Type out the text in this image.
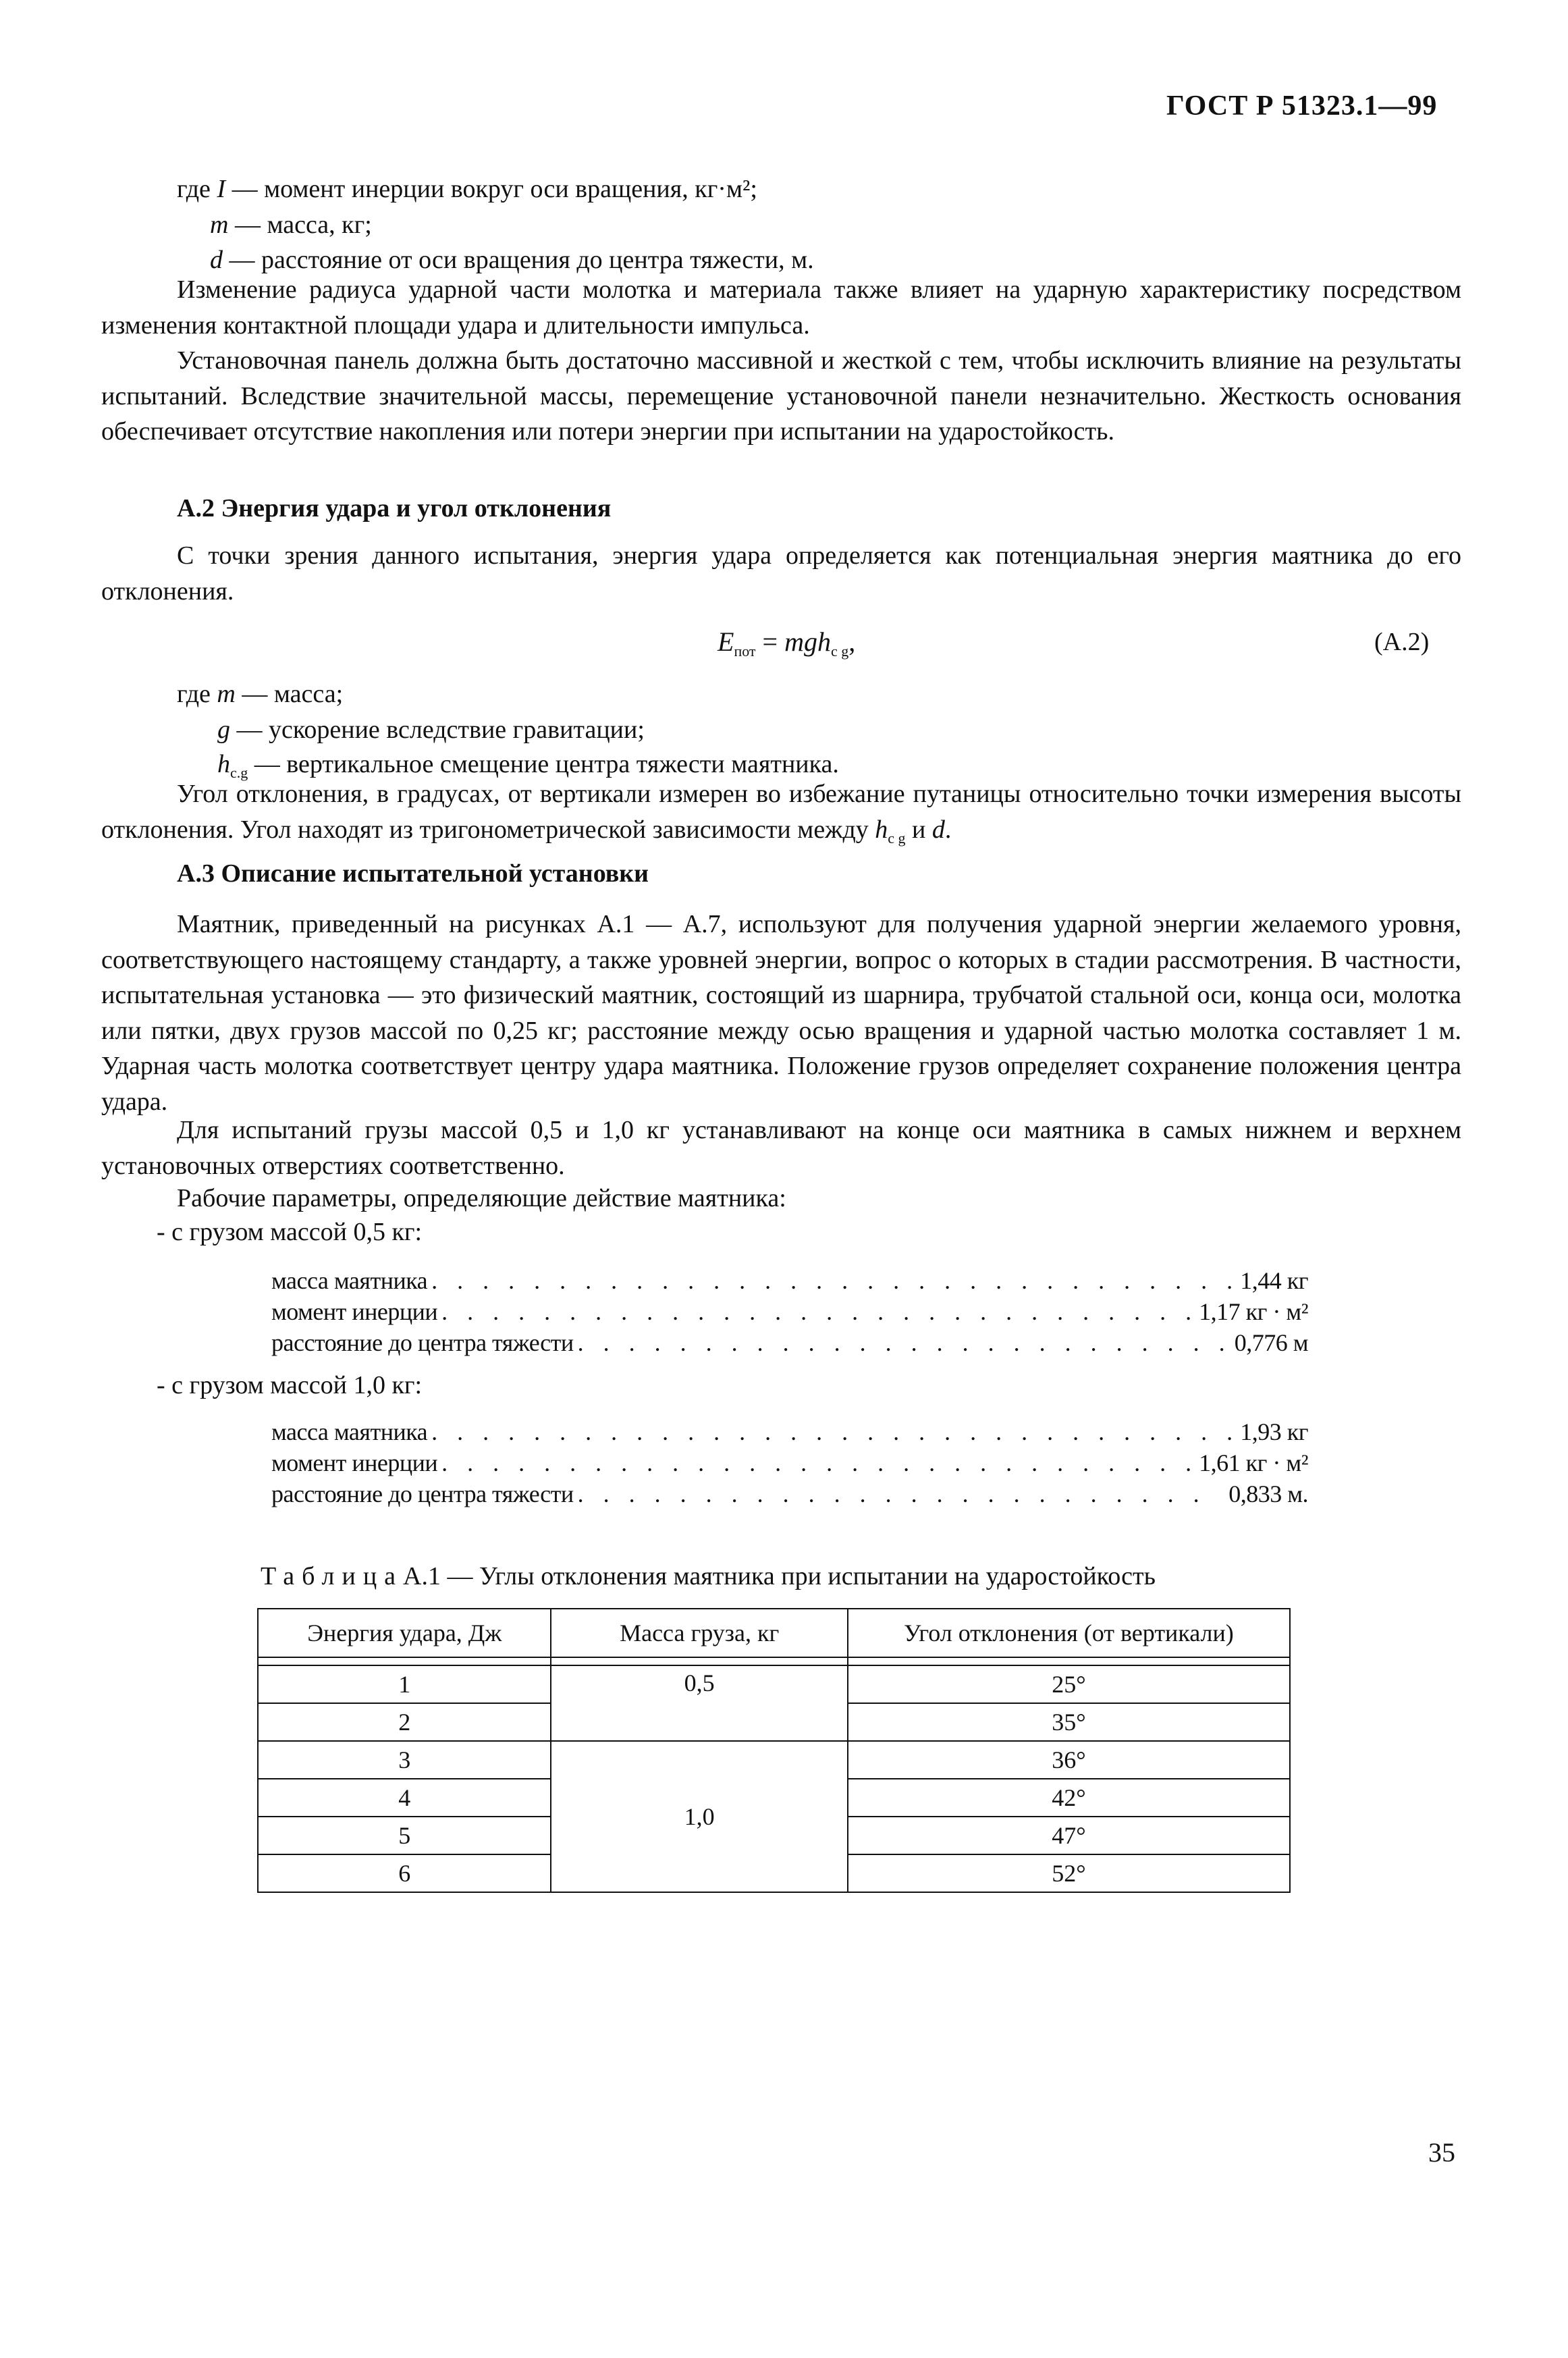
ГОСТ Р 51323.1—99
где I — момент инерции вокруг оси вращения, кг·м²;
m — масса, кг;
d — расстояние от оси вращения до центра тяжести, м.
Изменение радиуса ударной части молотка и материала также влияет на ударную характеристику посредством изменения контактной площади удара и длительности импульса.
Установочная панель должна быть достаточно массивной и жесткой с тем, чтобы исключить влияние на результаты испытаний. Вследствие значительной массы, перемещение установочной панели незначительно. Жесткость основания обеспечивает отсутствие накопления или потери энергии при испытании на ударостойкость.
А.2 Энергия удара и угол отклонения
С точки зрения данного испытания, энергия удара определяется как потенциальная энергия маятника до его отклонения.
$E_{пот} = mgh_{c g}$,	(А.2)
где m — масса;
g — ускорение вследствие гравитации;
$h_{c.g}$ — вертикальное смещение центра тяжести маятника.
Угол отклонения, в градусах, от вертикали измерен во избежание путаницы относительно точки измерения высоты отклонения. Угол находят из тригонометрической зависимости между $h_{c g}$ и d.
А.3 Описание испытательной установки
Маятник, приведенный на рисунках А.1 — А.7, используют для получения ударной энергии желаемого уровня, соответствующего настоящему стандарту, а также уровней энергии, вопрос о которых в стадии рассмотрения. В частности, испытательная установка — это физический маятник, состоящий из шарнира, трубчатой стальной оси, конца оси, молотка или пятки, двух грузов массой по 0,25 кг; расстояние между осью вращения и ударной частью молотка составляет 1 м. Ударная часть молотка соответствует центру удара маятника. Положение грузов определяет сохранение положения центра удара.
Для испытаний грузы массой 0,5 и 1,0 кг устанавливают на конце оси маятника в самых нижнем и верхнем установочных отверстиях соответственно.
Рабочие параметры, определяющие действие маятника:
- с грузом массой 0,5 кг:
масса маятника . . .	1,44 кг
момент инерции . . .	1,17 кг · м²
расстояние до центра тяжести . . .	0,776 м
- с грузом массой 1,0 кг:
масса маятника . . .	1,93 кг
момент инерции . . .	1,61 кг · м²
расстояние до центра тяжести . . .	0,833 м.
ТаблицаА.1 — Углы отклонения маятника при испытании на ударостойкость
Энергия удара, Дж	Масса груза, кг	Угол отклонения (от вертикали)

1	0,5	25°
2		35°
3	1,0	36°
4		42°
5		47°
6		52°
35
